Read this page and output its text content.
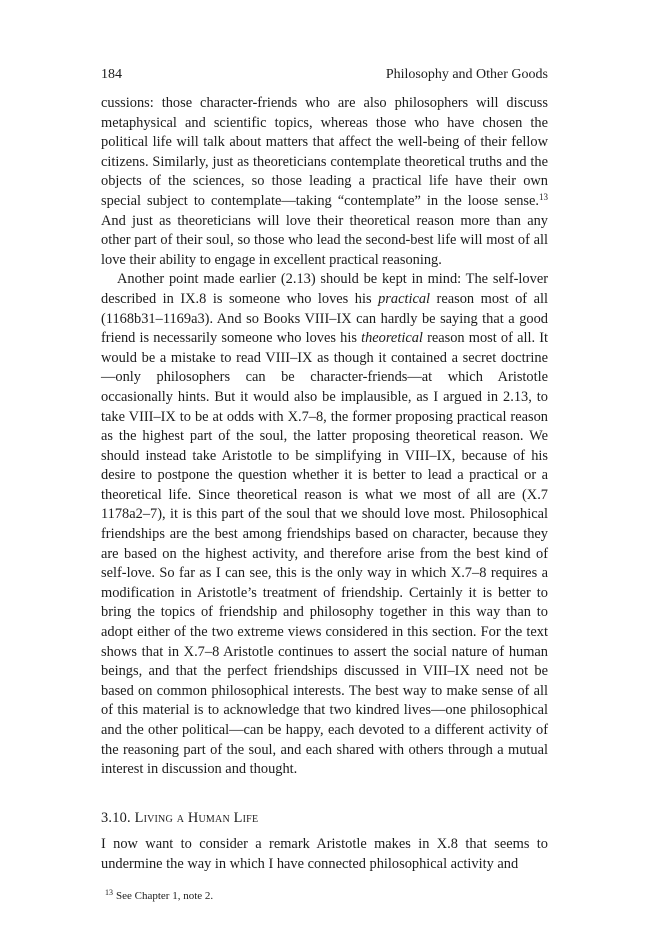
184	Philosophy and Other Goods

cussions: those character-friends who are also philosophers will discuss metaphysical and scientific topics, whereas those who have chosen the political life will talk about matters that affect the well-being of their fellow citizens. Similarly, just as theoreticians contemplate theoretical truths and the objects of the sciences, so those leading a practical life have their own special subject to contemplate—taking “contemplate” in the loose sense.$^{13}$ And just as theoreticians will love their theoretical reason more than any other part of their soul, so those who lead the second-best life will most of all love their ability to engage in excellent practical reasoning.

Another point made earlier (2.13) should be kept in mind: The self-lover described in IX.8 is someone who loves his practical reason most of all (1168b31–1169a3). And so Books VIII–IX can hardly be saying that a good friend is necessarily someone who loves his theoretical reason most of all. It would be a mistake to read VIII–IX as though it contained a secret doctrine—only philosophers can be character-friends—at which Aristotle occasionally hints. But it would also be implausible, as I argued in 2.13, to take VIII–IX to be at odds with X.7–8, the former proposing practical reason as the highest part of the soul, the latter proposing theoretical reason. We should instead take Aristotle to be simplifying in VIII–IX, because of his desire to postpone the question whether it is better to lead a practical or a theoretical life. Since theoretical reason is what we most of all are (X.7 1178a2–7), it is this part of the soul that we should love most. Philosophical friendships are the best among friendships based on character, because they are based on the highest activity, and therefore arise from the best kind of self-love. So far as I can see, this is the only way in which X.7–8 requires a modification in Aristotle’s treatment of friendship. Certainly it is better to bring the topics of friendship and philosophy together in this way than to adopt either of the two extreme views considered in this section. For the text shows that in X.7–8 Aristotle continues to assert the social nature of human beings, and that the perfect friendships discussed in VIII–IX need not be based on common philosophical interests. The best way to make sense of all of this material is to acknowledge that two kindred lives—one philosophical and the other political—can be happy, each devoted to a different activity of the reasoning part of the soul, and each shared with others through a mutual interest in discussion and thought.

3.10. Living a Human Life

I now want to consider a remark Aristotle makes in X.8 that seems to undermine the way in which I have connected philosophical activity and

$^{13}$ See Chapter 1, note 2.
